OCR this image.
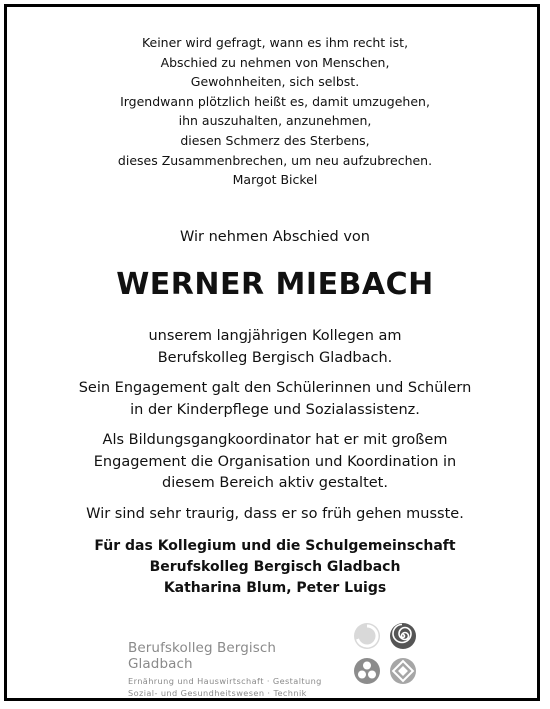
Keiner wird gefragt, wann es ihm recht ist,
Abschied zu nehmen von Menschen,
Gewohnheiten, sich selbst.
Irgendwann plötzlich heißt es, damit umzugehen,
ihn auszuhalten, anzunehmen,
diesen Schmerz des Sterbens,
dieses Zusammenbrechen, um neu aufzubrechen.
Margot Bickel
Wir nehmen Abschied von
WERNER MIEBACH

unserem langjährigen Kollegen am
Berufskolleg Bergisch Gladbach.

Sein Engagement galt den Schülerinnen und Schülern
in der Kinderpflege und Sozialassistenz.

Als Bildungsgangkoordinator hat er mit großem
Engagement die Organisation und Koordination in
diesem Bereich aktiv gestaltet.

Wir sind sehr traurig, dass er so früh gehen musste.

Für das Kollegium und die Schulgemeinschaft
Berufskolleg Bergisch Gladbach
Katharina Blum, Peter Luigs
Berufskolleg Bergisch Gladbach
Ernährung und Hauswirtschaft · Gestaltung
Sozial- und Gesundheitswesen · Technik
